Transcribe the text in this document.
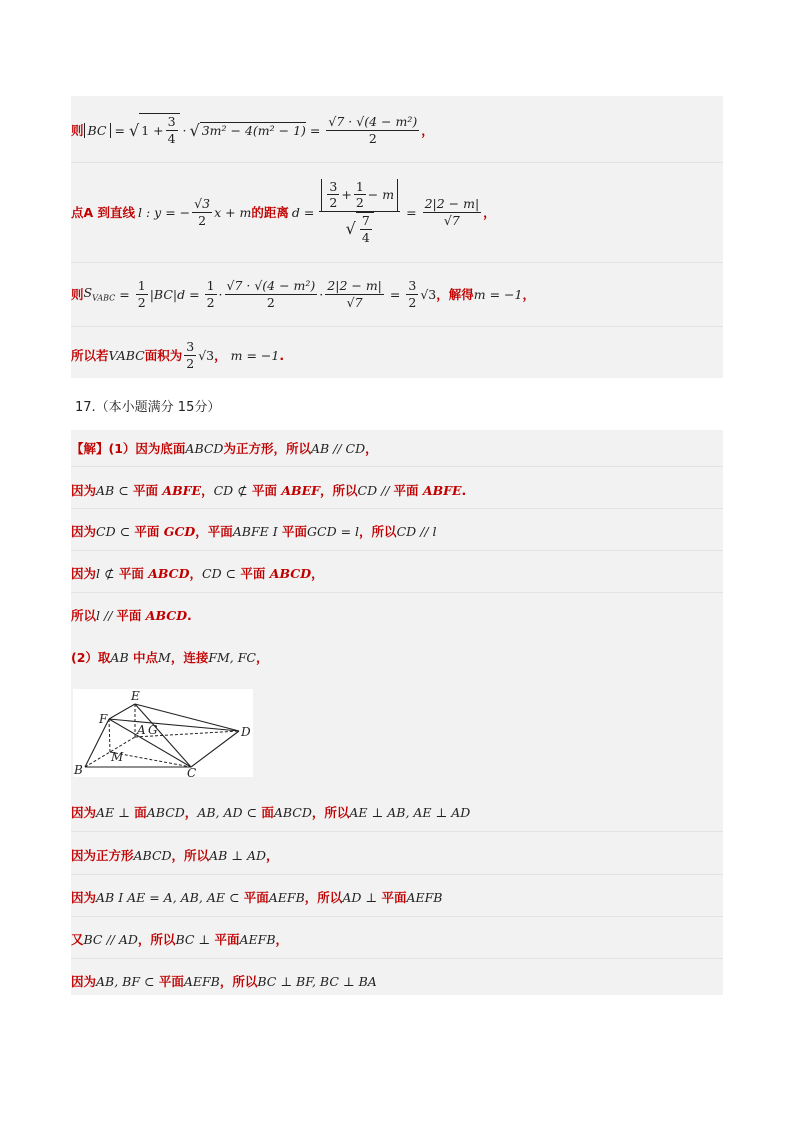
则 BC = √ $1 + \frac{3}{4}$ · √ $3m^2 - 4(m^2 - 1) = \frac{\text{√7 · √(4 − m²)}}{2}$ ，
点A 到直线 l : y = − $\frac{√3}{2}$ x + m 的距离 d =
$\frac{3}{2} + \frac{1}{2} - m$
√ $\frac{7}{4}$
= $\frac{2|2 - m|}{√7}$ ，
则 $S_{VABC} = \frac{1}{2} |BC|d = \frac{1}{2} \cdot \frac{\text{√7 · √(4 − m²)}}{2} \cdot \frac{2|2 - m|}{√7} = \frac{3}{2} √3$ ，解得 m = −1 ，
所以若 VABC 面积为 $\frac{3}{2} √3$ ， m = −1 .
17.（本小题满分 15分）
【解】(1）因为底面ABCD为正方形，所以AB // CD，
因为AB ⊂ 平面 ABFE，CD ⊄ 平面 ABEF，所以CD // 平面 ABFE.
因为CD ⊂ 平面 GCD，平面ABFE I 平面GCD = l，所以CD // l
因为l ⊄ 平面 ABCD，CD ⊂ 平面 ABCD，
所以l // 平面 ABCD.
(2）取AB 中点M，连接FM, FC，
因为AE ⊥ 面ABCD，AB, AD ⊂ 面ABCD，所以AE ⊥ AB, AE ⊥ AD
因为正方形ABCD，所以AB ⊥ AD，
因为AB I AE = A, AB, AE ⊂ 平面AEFB，所以AD ⊥ 平面AEFB
又BC // AD，所以BC ⊥ 平面AEFB，
因为AB, BF ⊂ 平面AEFB，所以BC ⊥ BF, BC ⊥ BA
E
F
A G	D
B
M
C
